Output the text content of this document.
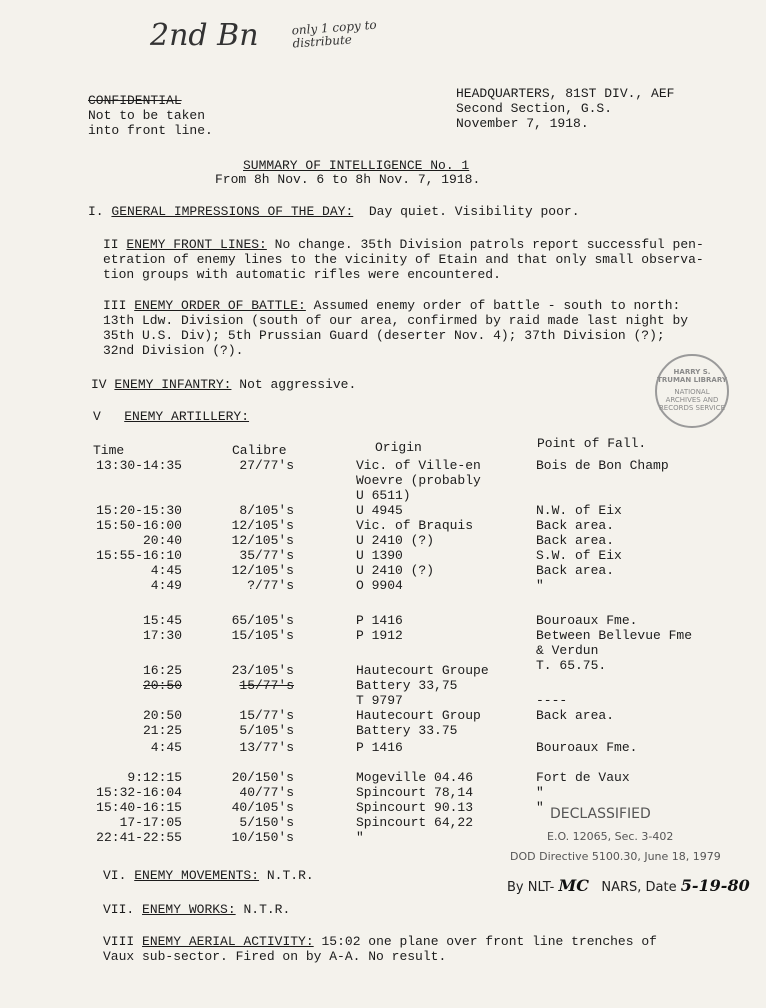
2nd Bn	only 1 copy to distribute
CONFIDENTIAL
Not to be taken
into front line.
HEADQUARTERS, 81ST DIV., AEF
Second Section, G.S.
November 7, 1918.
SUMMARY OF INTELLIGENCE No. 1
From 8h Nov. 6 to 8h Nov. 7, 1918.
I. GENERAL IMPRESSIONS OF THE DAY: Day quiet. Visibility poor.
II ENEMY FRONT LINES: No change. 35th Division patrols report successful pen-
etration of enemy lines to the vicinity of Etain and that only small observa-
tion groups with automatic rifles were encountered.
III ENEMY ORDER OF BATTLE: Assumed enemy order of battle - south to north:
13th Ldw. Division (south of our area, confirmed by raid made last night by
35th U.S. Div); 5th Prussian Guard (deserter Nov. 4); 37th Division (?);
32nd Division (?).
IV ENEMY INFANTRY: Not aggressive.
V ENEMY ARTILLERY:
Time	Calibre	Origin	Point of Fall.
13:30-14:35	27/77's	Vic. of Ville-en	Bois de Bon Champ
Woevre (probably
U 6511)
15:20-15:30	8/105's	U 4945	N.W. of Eix
15:50-16:00	12/105's	Vic. of Braquis	Back area.
20:40	12/105's	U 2410 (?)	Back area.
15:55-16:10	35/77's	U 1390	S.W. of Eix
4:45	12/105's	U 2410 (?)	Back area.
4:49	?/77's	O 9904	"
15:45	65/105's	P 1416	Bouroaux Fme.
17:30	15/105's	P 1912	Between Bellevue Fme
& Verdun
T. 65.75.
16:25	23/105's	Hautecourt Groupe
20:50	15/77's	Battery 33,75
T 9797	----
20:50	15/77's	Hautecourt Group	Back area.
21:25	5/105's	Battery 33.75
4:45	13/77's	P 1416	Bouroaux Fme.
9:12:15	20/150's	Mogeville 04.46	Fort de Vaux
15:32-16:04	40/77's	Spincourt 78,14	"
15:40-16:15	40/105's	Spincourt 90.13	"
17-17:05	5/150's	Spincourt 64,22
22:41-22:55	10/150's	"
VI. ENEMY MOVEMENTS: N.T.R.
VII. ENEMY WORKS: N.T.R.
VIII ENEMY AERIAL ACTIVITY: 15:02 one plane over front line trenches of
Vaux sub-sector. Fired on by A-A. No result.
HARRY S. TRUMAN LIBRARY
NATIONAL ARCHIVES AND RECORDS SERVICE
DECLASSIFIED
E.O. 12065, Sec. 3-402
DOD Directive 5100.30, June 18, 1979
By NLT- MC NARS, Date 5-19-80
